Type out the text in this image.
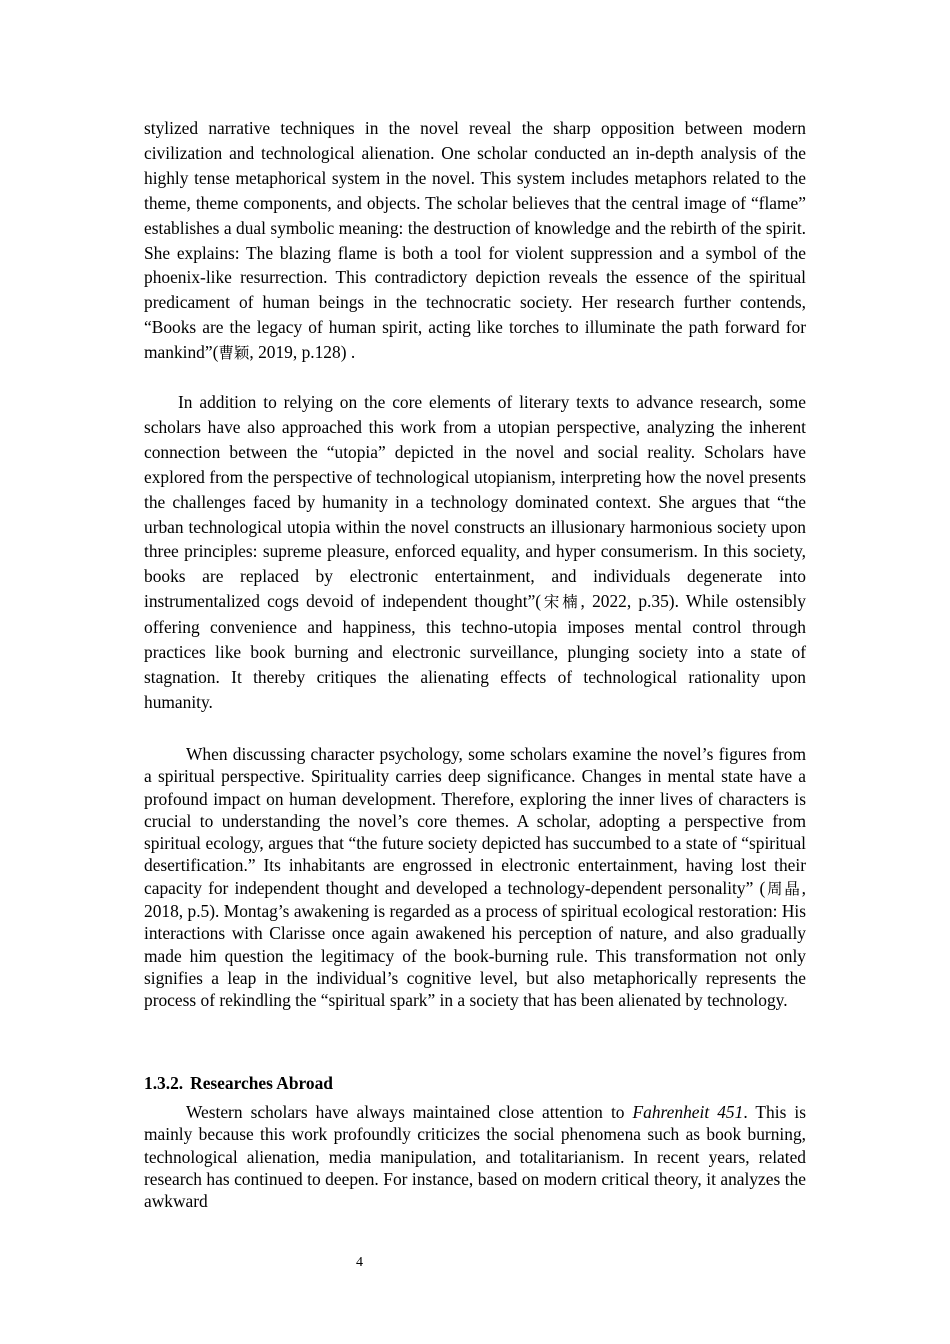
stylized narrative techniques in the novel reveal the sharp opposition between modern civilization and technological alienation. One scholar conducted an in-depth analysis of the highly tense metaphorical system in the novel. This system includes metaphors related to the theme, theme components, and objects. The scholar believes that the central image of “flame” establishes a dual symbolic meaning: the destruction of knowledge and the rebirth of the spirit. She explains: The blazing flame is both a tool for violent suppression and a symbol of the phoenix-like resurrection. This contradictory depiction reveals the essence of the spiritual predicament of human beings in the technocratic society. Her research further contends, “Books are the legacy of human spirit, acting like torches to illuminate the path forward for mankind”(曹颖, 2019, p.128) .

In addition to relying on the core elements of literary texts to advance research, some scholars have also approached this work from a utopian perspective, analyzing the inherent connection between the “utopia” depicted in the novel and social reality. Scholars have explored from the perspective of technological utopianism, interpreting how the novel presents the challenges faced by humanity in a technology dominated context. She argues that “the urban technological utopia within the novel constructs an illusionary harmonious society upon three principles: supreme pleasure, enforced equality, and hyper consumerism. In this society, books are replaced by electronic entertainment, and individuals degenerate into instrumentalized cogs devoid of independent thought”(宋楠, 2022, p.35). While ostensibly offering convenience and happiness, this techno-utopia imposes mental control through practices like book burning and electronic surveillance, plunging society into a state of stagnation. It thereby critiques the alienating effects of technological rationality upon humanity.

When discussing character psychology, some scholars examine the novel’s figures from a spiritual perspective. Spirituality carries deep significance. Changes in mental state have a profound impact on human development. Therefore, exploring the inner lives of characters is crucial to understanding the novel’s core themes. A scholar, adopting a perspective from spiritual ecology, argues that “the future society depicted has succumbed to a state of “spiritual desertification.” Its inhabitants are engrossed in electronic entertainment, having lost their capacity for independent thought and developed a technology-dependent personality” (周晶, 2018, p.5). Montag’s awakening is regarded as a process of spiritual ecological restoration: His interactions with Clarisse once again awakened his perception of nature, and also gradually made him question the legitimacy of the book-burning rule. This transformation not only signifies a leap in the individual’s cognitive level, but also metaphorically represents the process of rekindling the “spiritual spark” in a society that has been alienated by technology.

1.3.2. Researches Abroad

Western scholars have always maintained close attention to Fahrenheit 451. This is mainly because this work profoundly criticizes the social phenomena such as book burning, technological alienation, media manipulation, and totalitarianism. In recent years, related research has continued to deepen. For instance, based on modern critical theory, it analyzes the awkward

4
